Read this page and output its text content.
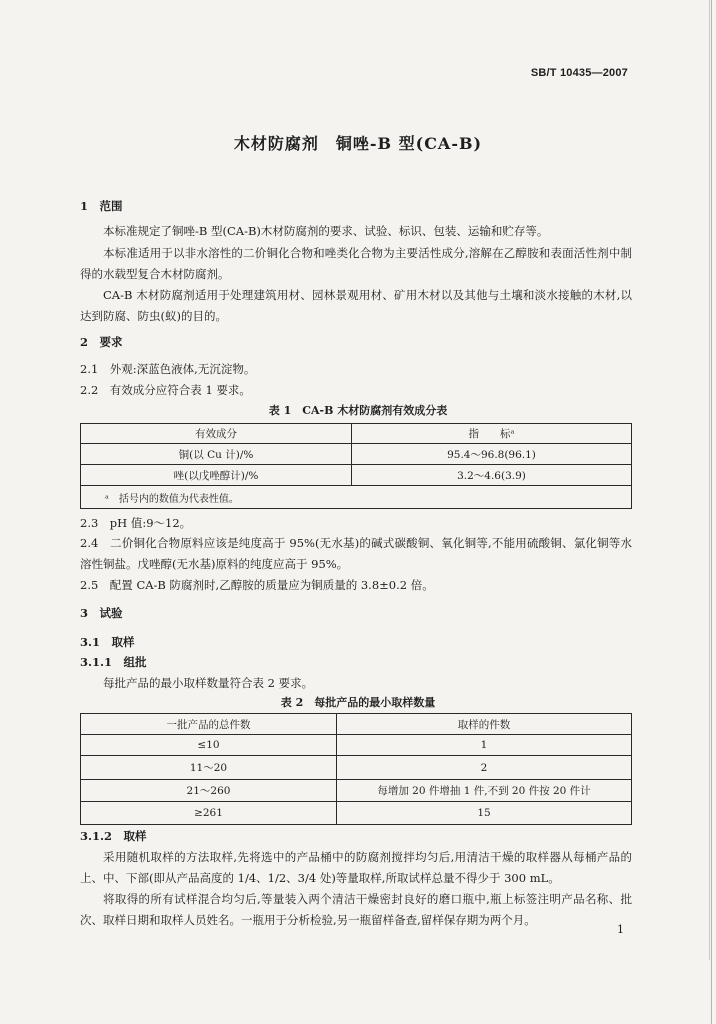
SB/T 10435—2007
木材防腐剂　铜唑-B 型(CA-B)
1　范围
本标准规定了铜唑-B 型(CA-B)木材防腐剂的要求、试验、标识、包装、运输和贮存等。
本标准适用于以非水溶性的二价铜化合物和唑类化合物为主要活性成分,溶解在乙醇胺和表面活性剂中制得的水载型复合木材防腐剂。
CA-B 木材防腐剂适用于处理建筑用材、园林景观用材、矿用木材以及其他与土壤和淡水接触的木材,以达到防腐、防虫(蚁)的目的。
2　要求
2.1　外观:深蓝色液体,无沉淀物。
2.2　有效成分应符合表 1 要求。
表 1　CA-B 木材防腐剂有效成分表
有效成分	指　　标ᵃ
铜(以 Cu 计)/%	95.4～96.8(96.1)
唑(以戊唑醇计)/%	3.2～4.6(3.9)
ᵃ　括号内的数值为代表性值。	
2.3　pH 值:9～12。
2.4　二价铜化合物原料应该是纯度高于 95%(无水基)的碱式碳酸铜、氧化铜等,不能用硫酸铜、氯化铜等水溶性铜盐。戊唑醇(无水基)原料的纯度应高于 95%。
2.5　配置 CA-B 防腐剂时,乙醇胺的质量应为铜质量的 3.8±0.2 倍。
3　试验
3.1　取样
3.1.1　组批
每批产品的最小取样数量符合表 2 要求。
表 2　每批产品的最小取样数量
一批产品的总件数	取样的件数
≤10	1
11～20	2
21～260	每增加 20 件增抽 1 件,不到 20 件按 20 件计
≥261	15
3.1.2　取样
采用随机取样的方法取样,先将选中的产品桶中的防腐剂搅拌均匀后,用清洁干燥的取样器从每桶产品的上、中、下部(即从产品高度的 1/4、1/2、3/4 处)等量取样,所取试样总量不得少于 300 mL。
将取得的所有试样混合均匀后,等量装入两个清洁干燥密封良好的磨口瓶中,瓶上标签注明产品名称、批次、取样日期和取样人员姓名。一瓶用于分析检验,另一瓶留样备查,留样保存期为两个月。
1
